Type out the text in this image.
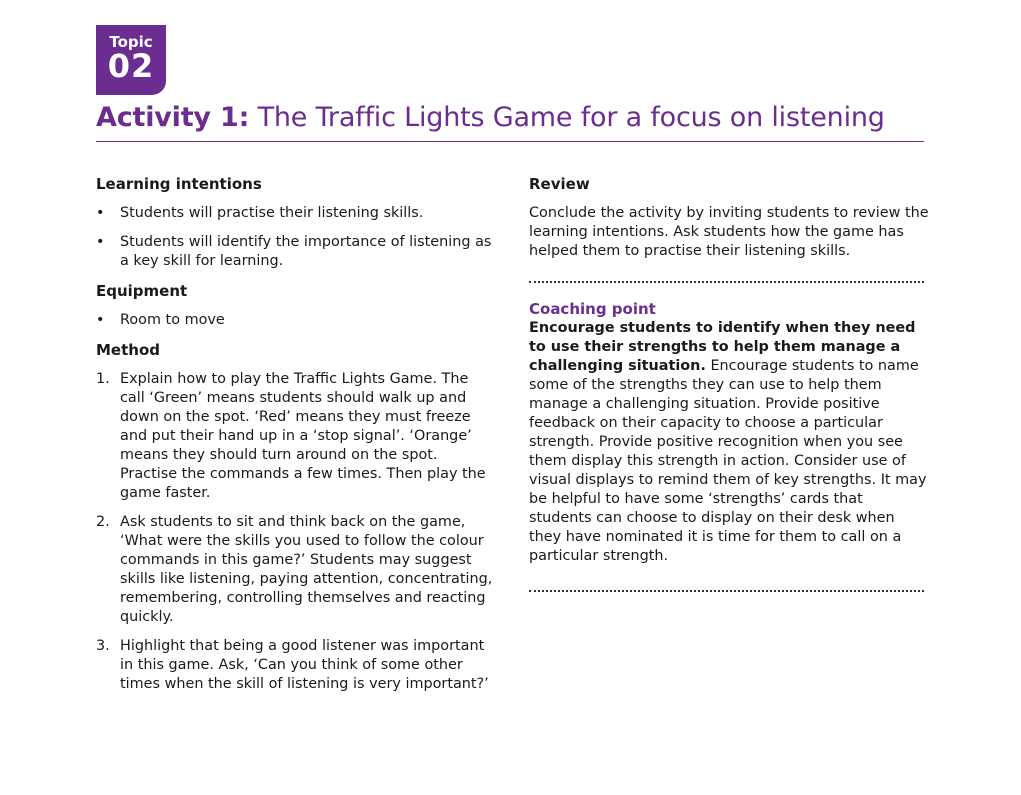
Topic
02
Activity 1: The Traffic Lights Game for a focus on listening
Learning intentions
• Students will practise their listening skills.
• Students will identify the importance of listening as a key skill for learning.
Equipment
• Room to move
Method
1. Explain how to play the Traffic Lights Game. The call ‘Green’ means students should walk up and down on the spot. ‘Red’ means they must freeze and put their hand up in a ‘stop signal’. ‘Orange’ means they should turn around on the spot. Practise the commands a few times. Then play the game faster.
2. Ask students to sit and think back on the game, ‘What were the skills you used to follow the colour commands in this game?’ Students may suggest skills like listening, paying attention, concentrating, remembering, controlling themselves and reacting quickly.
3. Highlight that being a good listener was important in this game. Ask, ‘Can you think of some other times when the skill of listening is very important?’
Review

Conclude the activity by inviting students to review the learning intentions. Ask students how the game has helped them to practise their listening skills.

Coaching point

Encourage students to identify when they need to use their strengths to help them manage a challenging situation. Encourage students to name some of the strengths they can use to help them manage a challenging situation. Provide positive feedback on their capacity to choose a particular strength. Provide positive recognition when you see them display this strength in action. Consider use of visual displays to remind them of key strengths. It may be helpful to have some ‘strengths’ cards that students can choose to display on their desk when they have nominated it is time for them to call on a particular strength.
